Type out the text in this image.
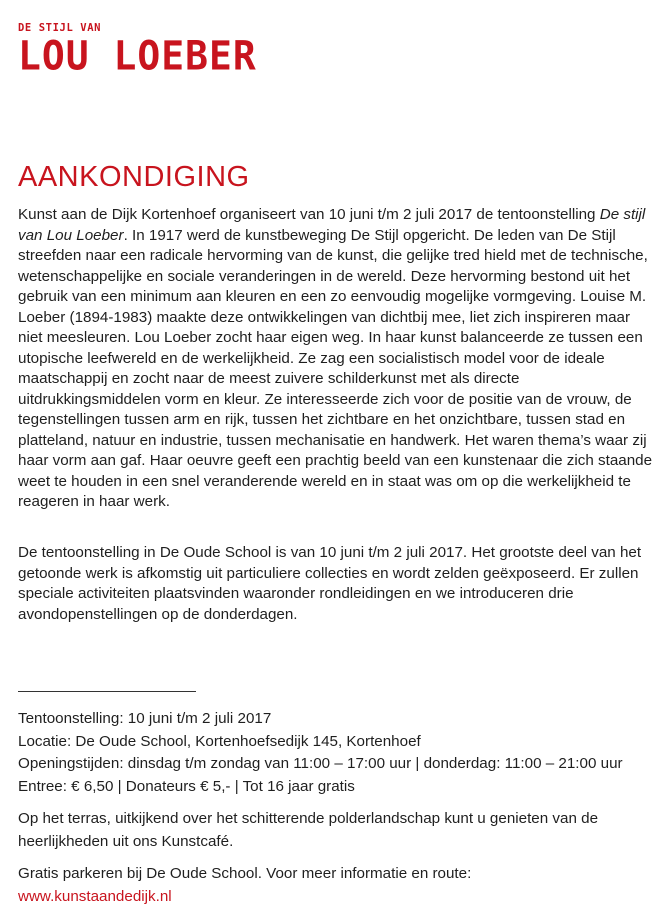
DE STIJL VAN
LOU LOEBER
AANKONDIGING

Kunst aan de Dijk Kortenhoef organiseert van 10 juni t/m 2 juli 2017 de tentoonstelling De stijl van Lou Loeber. In 1917 werd de kunstbeweging De Stijl opgericht. De leden van De Stijl streefden naar een radicale hervorming van de kunst, die gelijke tred hield met de technische, wetenschappelijke en sociale veranderingen in de wereld. Deze hervorming bestond uit het gebruik van een minimum aan kleuren en een zo eenvoudig mogelijke vormgeving. Louise M. Loeber (1894-1983) maakte deze ontwikkelingen van dichtbij mee, liet zich inspireren maar niet meesleuren. Lou Loeber zocht haar eigen weg. In haar kunst balanceerde ze tussen een utopische leefwereld en de werkelijkheid. Ze zag een socialistisch model voor de ideale maatschappij en zocht naar de meest zuivere schilderkunst met als directe uitdrukkingsmiddelen vorm en kleur. Ze interesseerde zich voor de positie van de vrouw, de tegenstellingen tussen arm en rijk, tussen het zichtbare en het onzichtbare, tussen stad en platteland, natuur en industrie, tussen mechanisatie en handwerk. Het waren thema’s waar zij haar vorm aan gaf. Haar oeuvre geeft een prachtig beeld van een kunstenaar die zich staande weet te houden in een snel veranderende wereld en in staat was om op die werkelijkheid te reageren in haar werk.

De tentoonstelling in De Oude School is van 10 juni t/m 2 juli 2017. Het grootste deel van het getoonde werk is afkomstig uit particuliere collecties en wordt zelden geëxposeerd. Er zullen speciale activiteiten plaatsvinden waaronder rondleidingen en we introduceren drie avondopenstellingen op de donderdagen.

Tentoonstelling: 10 juni t/m 2 juli 2017
Locatie: De Oude School, Kortenhoefsedijk 145, Kortenhoef
Openingstijden: dinsdag t/m zondag van 11:00 – 17:00 uur | donderdag: 11:00 – 21:00 uur
Entree: € 6,50 | Donateurs € 5,- | Tot 16 jaar gratis
Op het terras, uitkijkend over het schitterende polderlandschap kunt u genieten van de heerlijkheden uit ons Kunstcafé.
Gratis parkeren bij De Oude School. Voor meer informatie en route:
www.kunstaandedijk.nl
